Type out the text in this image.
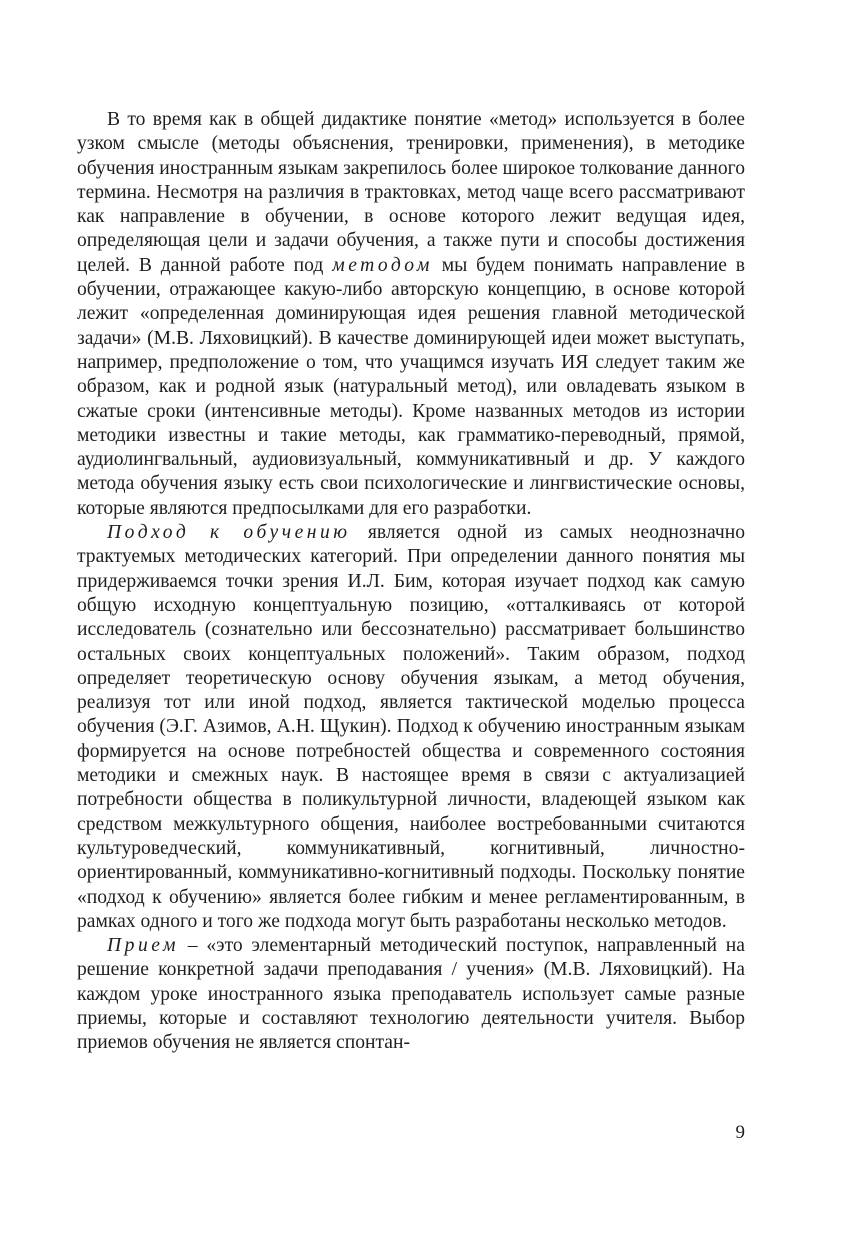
В то время как в общей дидактике понятие «метод» используется в более узком смысле (методы объяснения, тренировки, применения), в методике обучения иностранным языкам закрепилось более широкое толкование данного термина. Несмотря на различия в трактовках, метод чаще всего рассматривают как направление в обучении, в основе которого лежит ведущая идея, определяющая цели и задачи обучения, а также пути и способы достижения целей. В данной работе под методом мы будем понимать направление в обучении, отражающее какую-либо авторскую концепцию, в основе которой лежит «определенная доминирующая идея решения главной методической задачи» (М.В. Ляховицкий). В качестве доминирующей идеи может выступать, например, предположение о том, что учащимся изучать ИЯ следует таким же образом, как и родной язык (натуральный метод), или овладевать языком в сжатые сроки (интенсивные методы). Кроме названных методов из истории методики известны и такие методы, как грамматико-переводный, прямой, аудиолингвальный, аудиовизуальный, коммуникативный и др. У каждого метода обучения языку есть свои психологические и лингвистические основы, которые являются предпосылками для его разработки.

Подход к обучению является одной из самых неоднозначно трактуемых методических категорий. При определении данного понятия мы придерживаемся точки зрения И.Л. Бим, которая изучает подход как самую общую исходную концептуальную позицию, «отталкиваясь от которой исследователь (сознательно или бессознательно) рассматривает большинство остальных своих концептуальных положений». Таким образом, подход определяет теоретическую основу обучения языкам, а метод обучения, реализуя тот или иной подход, является тактической моделью процесса обучения (Э.Г. Азимов, А.Н. Щукин). Подход к обучению иностранным языкам формируется на основе потребностей общества и современного состояния методики и смежных наук. В настоящее время в связи с актуализацией потребности общества в поликультурной личности, владеющей языком как средством межкультурного общения, наиболее востребованными считаются культуроведческий, коммуникативный, когнитивный, личностно-ориентированный, коммуникативно-когнитивный подходы. Поскольку понятие «подход к обучению» является более гибким и менее регламентированным, в рамках одного и того же подхода могут быть разработаны несколько методов.

Прием – «это элементарный методический поступок, направленный на решение конкретной задачи преподавания / учения» (М.В. Ляховицкий). На каждом уроке иностранного языка преподаватель использует самые разные приемы, которые и составляют технологию деятельности учителя. Выбор приемов обучения не является спонтан-

9
